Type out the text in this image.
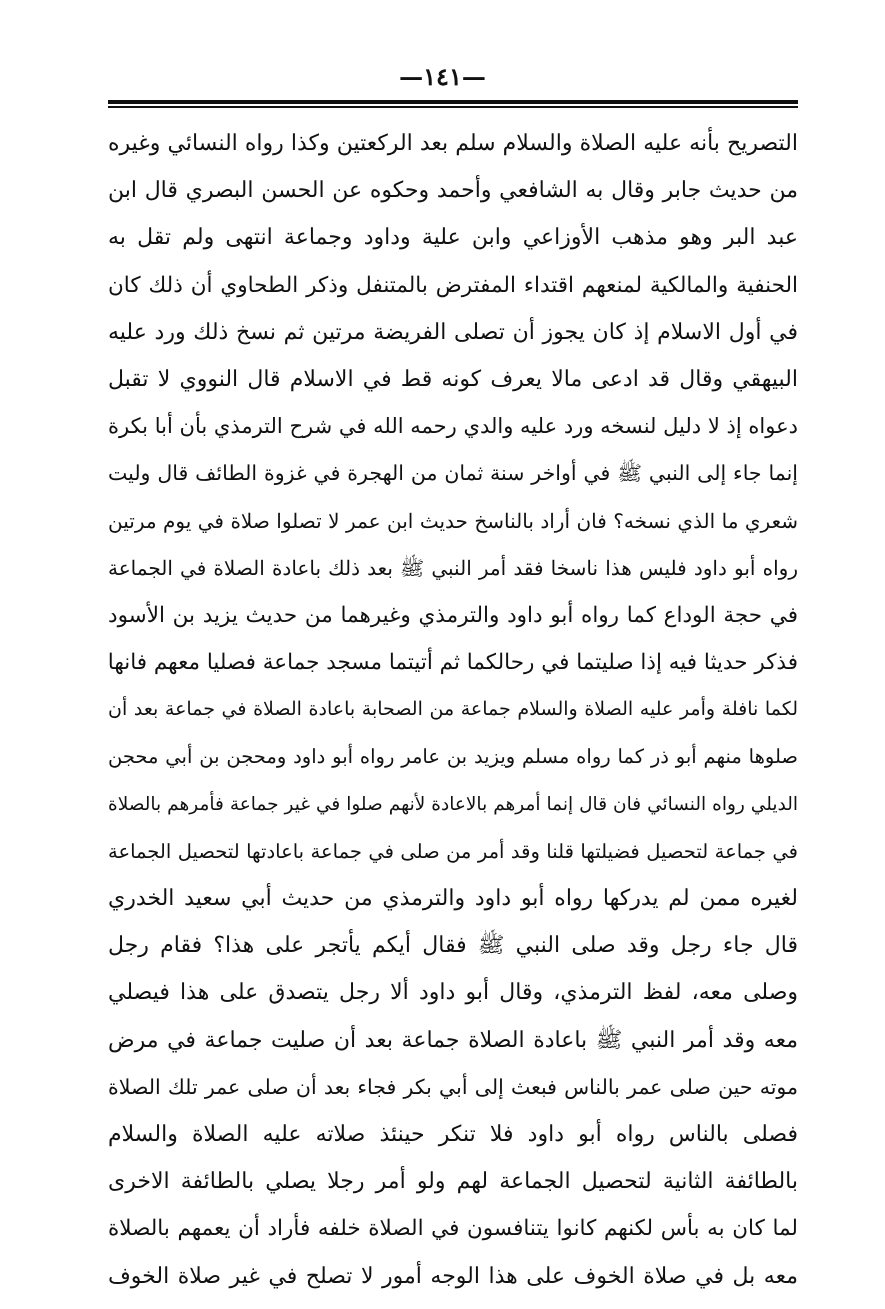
—١٤١—
التصريح بأنه عليه الصلاة والسلام سلم بعد الركعتين وكذا رواه النسائي وغيره
من حديث جابر وقال به الشافعي وأحمد وحكوه عن الحسن البصري قال ابن
عبد البر وهو مذهب الأوزاعي وابن علية وداود وجماعة انتهى ولم تقل به
الحنفية والمالكية لمنعهم اقتداء المفترض بالمتنفل وذكر الطحاوي أن ذلك كان
في أول الاسلام إذ كان يجوز أن تصلى الفريضة مرتين ثم نسخ ذلك ورد عليه
البيهقي وقال قد ادعى مالا يعرف كونه قط في الاسلام قال النووي لا تقبل
دعواه إذ لا دليل لنسخه ورد عليه والدي رحمه الله في شرح الترمذي بأن أبا بكرة
إنما جاء إلى النبي ﷺ في أواخر سنة ثمان من الهجرة في غزوة الطائف قال وليت
شعري ما الذي نسخه؟ فان أراد بالناسخ حديث ابن عمر لا تصلوا صلاة في يوم مرتين
رواه أبو داود فليس هذا ناسخا فقد أمر النبي ﷺ بعد ذلك باعادة الصلاة في الجماعة
في حجة الوداع كما رواه أبو داود والترمذي وغيرهما من حديث يزيد بن الأسود
فذكر حديثا فيه إذا صليتما في رحالكما ثم أتيتما مسجد جماعة فصليا معهم فانها
لكما نافلة وأمر عليه الصلاة والسلام جماعة من الصحابة باعادة الصلاة في جماعة بعد أن
صلوها منهم أبو ذر كما رواه مسلم ويزيد بن عامر رواه أبو داود ومحجن بن أبي محجن
الديلي رواه النسائي فان قال إنما أمرهم بالاعادة لأنهم صلوا في غير جماعة فأمرهم بالصلاة
في جماعة لتحصيل فضيلتها قلنا وقد أمر من صلى في جماعة باعادتها لتحصيل الجماعة
لغيره ممن لم يدركها رواه أبو داود والترمذي من حديث أبي سعيد الخدري
قال جاء رجل وقد صلى النبي ﷺ فقال أيكم يأتجر على هذا؟ فقام رجل
وصلى معه، لفظ الترمذي، وقال أبو داود ألا رجل يتصدق على هذا فيصلي
معه وقد أمر النبي ﷺ باعادة الصلاة جماعة بعد أن صليت جماعة في مرض
موته حين صلى عمر بالناس فبعث إلى أبي بكر فجاء بعد أن صلى عمر تلك الصلاة
فصلى بالناس رواه أبو داود فلا تنكر حينئذ صلاته عليه الصلاة والسلام
بالطائفة الثانية لتحصيل الجماعة لهم ولو أمر رجلا يصلي بالطائفة الاخرى
لما كان به بأس لكنهم كانوا يتنافسون في الصلاة خلفه فأراد أن يعمهم بالصلاة
معه بل في صلاة الخوف على هذا الوجه أمور لا تصلح في غير صلاة الخوف
